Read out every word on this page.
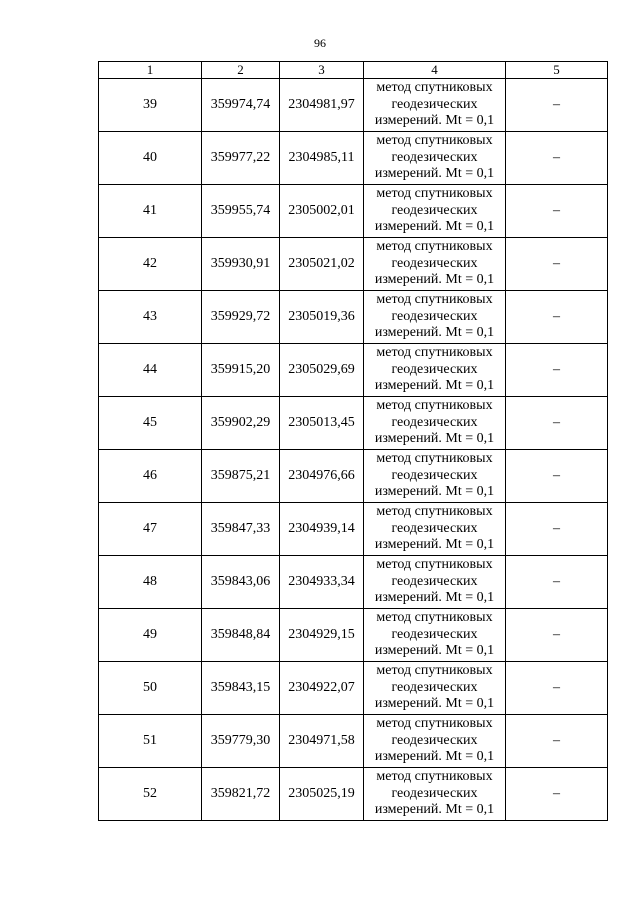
96
1	2	3	4	5
39	359974,74	2304981,97	метод спутниковых
геодезических
измерений. Mt = 0,1	–
40	359977,22	2304985,11	метод спутниковых
геодезических
измерений. Mt = 0,1	–
41	359955,74	2305002,01	метод спутниковых
геодезических
измерений. Mt = 0,1	–
42	359930,91	2305021,02	метод спутниковых
геодезических
измерений. Mt = 0,1	–
43	359929,72	2305019,36	метод спутниковых
геодезических
измерений. Mt = 0,1	–
44	359915,20	2305029,69	метод спутниковых
геодезических
измерений. Mt = 0,1	–
45	359902,29	2305013,45	метод спутниковых
геодезических
измерений. Mt = 0,1	–
46	359875,21	2304976,66	метод спутниковых
геодезических
измерений. Mt = 0,1	–
47	359847,33	2304939,14	метод спутниковых
геодезических
измерений. Mt = 0,1	–
48	359843,06	2304933,34	метод спутниковых
геодезических
измерений. Mt = 0,1	–
49	359848,84	2304929,15	метод спутниковых
геодезических
измерений. Mt = 0,1	–
50	359843,15	2304922,07	метод спутниковых
геодезических
измерений. Mt = 0,1	–
51	359779,30	2304971,58	метод спутниковых
геодезических
измерений. Mt = 0,1	–
52	359821,72	2305025,19	метод спутниковых
геодезических
измерений. Mt = 0,1	–
